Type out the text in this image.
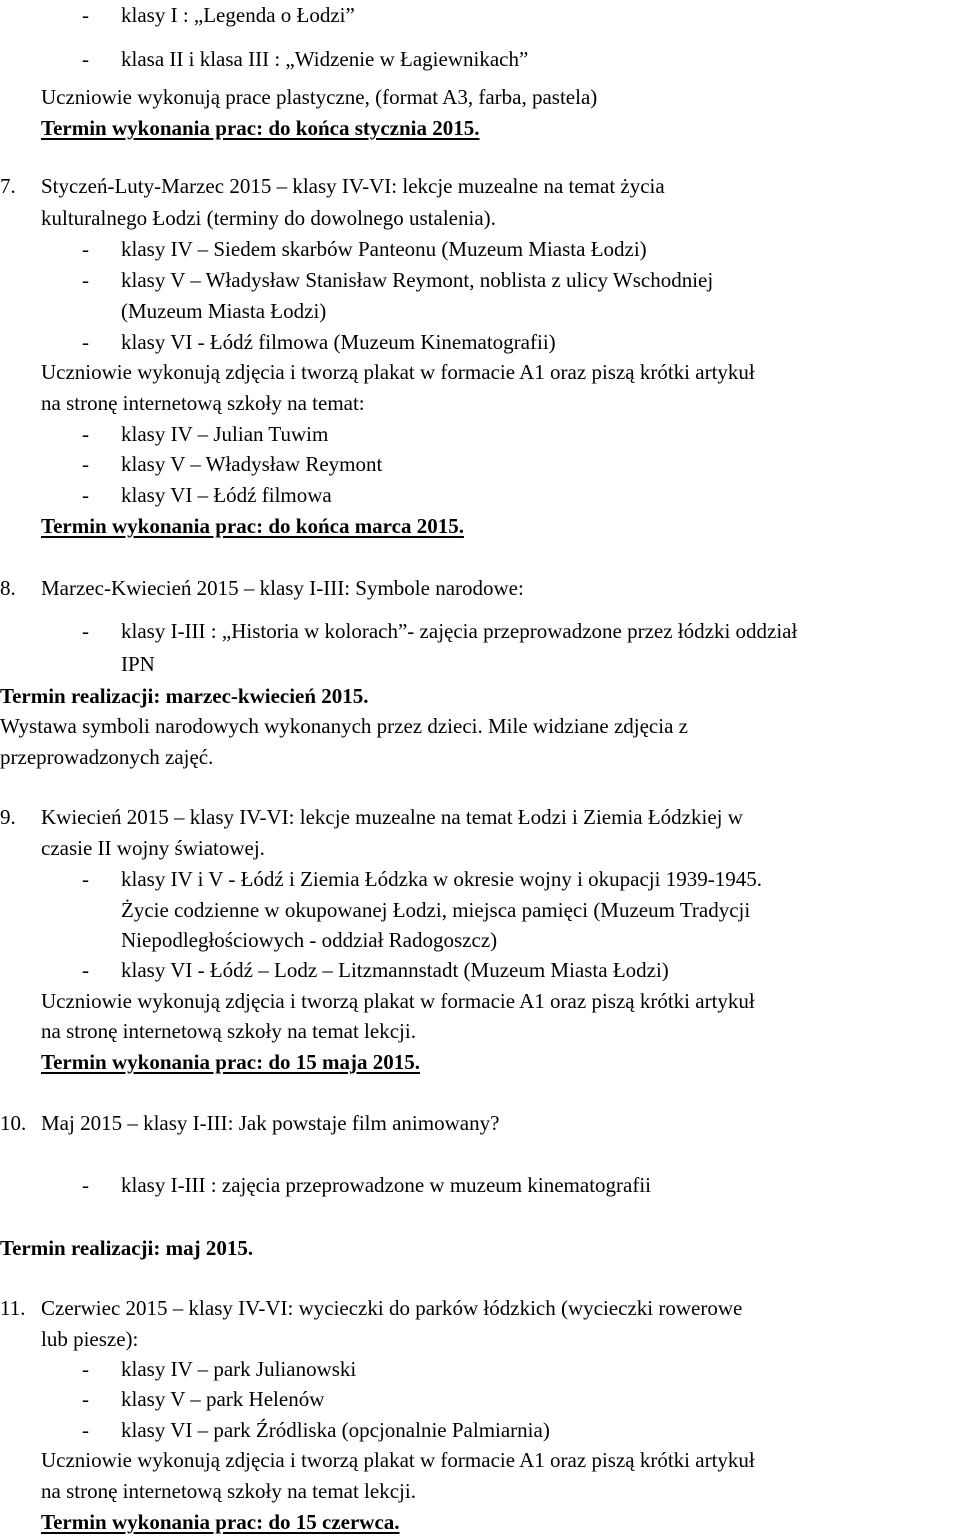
- klasy I : „Legenda o Łodzi”
- klasa II i klasa III : „Widzenie w Łagiewnikach”
Uczniowie wykonują prace plastyczne, (format A3, farba, pastela)
Termin wykonania prac: do końca stycznia 2015.
7. Styczeń-Luty-Marzec 2015 – klasy IV-VI: lekcje muzealne na temat życia
kulturalnego Łodzi (terminy do dowolnego ustalenia).
- klasy IV – Siedem skarbów Panteonu (Muzeum Miasta Łodzi)
- klasy V – Władysław Stanisław Reymont, noblista z ulicy Wschodniej
(Muzeum Miasta Łodzi)
- klasy VI - Łódź filmowa (Muzeum Kinematografii)
Uczniowie wykonują zdjęcia i tworzą plakat w formacie A1 oraz piszą krótki artykuł
na stronę internetową szkoły na temat:
- klasy IV – Julian Tuwim
- klasy V – Władysław Reymont
- klasy VI – Łódź filmowa
Termin wykonania prac: do końca marca 2015.
8. Marzec-Kwiecień 2015 – klasy I-III: Symbole narodowe:
- klasy I-III : „Historia w kolorach”- zajęcia przeprowadzone przez łódzki oddział
IPN
Termin realizacji: marzec-kwiecień 2015.
Wystawa symboli narodowych wykonanych przez dzieci. Mile widziane zdjęcia z
przeprowadzonych zajęć.
9. Kwiecień 2015 – klasy IV-VI: lekcje muzealne na temat Łodzi i Ziemia Łódzkiej w
czasie II wojny światowej.
- klasy IV i V - Łódź i Ziemia Łódzka w okresie wojny i okupacji 1939-1945.
Życie codzienne w okupowanej Łodzi, miejsca pamięci (Muzeum Tradycji
Niepodległościowych - oddział Radogoszcz)
- klasy VI - Łódź – Lodz – Litzmannstadt (Muzeum Miasta Łodzi)
Uczniowie wykonują zdjęcia i tworzą plakat w formacie A1 oraz piszą krótki artykuł
na stronę internetową szkoły na temat lekcji.
Termin wykonania prac: do 15 maja 2015.
10. Maj 2015 – klasy I-III: Jak powstaje film animowany?
- klasy I-III : zajęcia przeprowadzone w muzeum kinematografii
Termin realizacji: maj 2015.
11. Czerwiec 2015 – klasy IV-VI: wycieczki do parków łódzkich (wycieczki rowerowe
lub piesze):
- klasy IV – park Julianowski
- klasy V – park Helenów
- klasy VI – park Źródliska (opcjonalnie Palmiarnia)
Uczniowie wykonują zdjęcia i tworzą plakat w formacie A1 oraz piszą krótki artykuł
na stronę internetową szkoły na temat lekcji.
Termin wykonania prac: do 15 czerwca.
